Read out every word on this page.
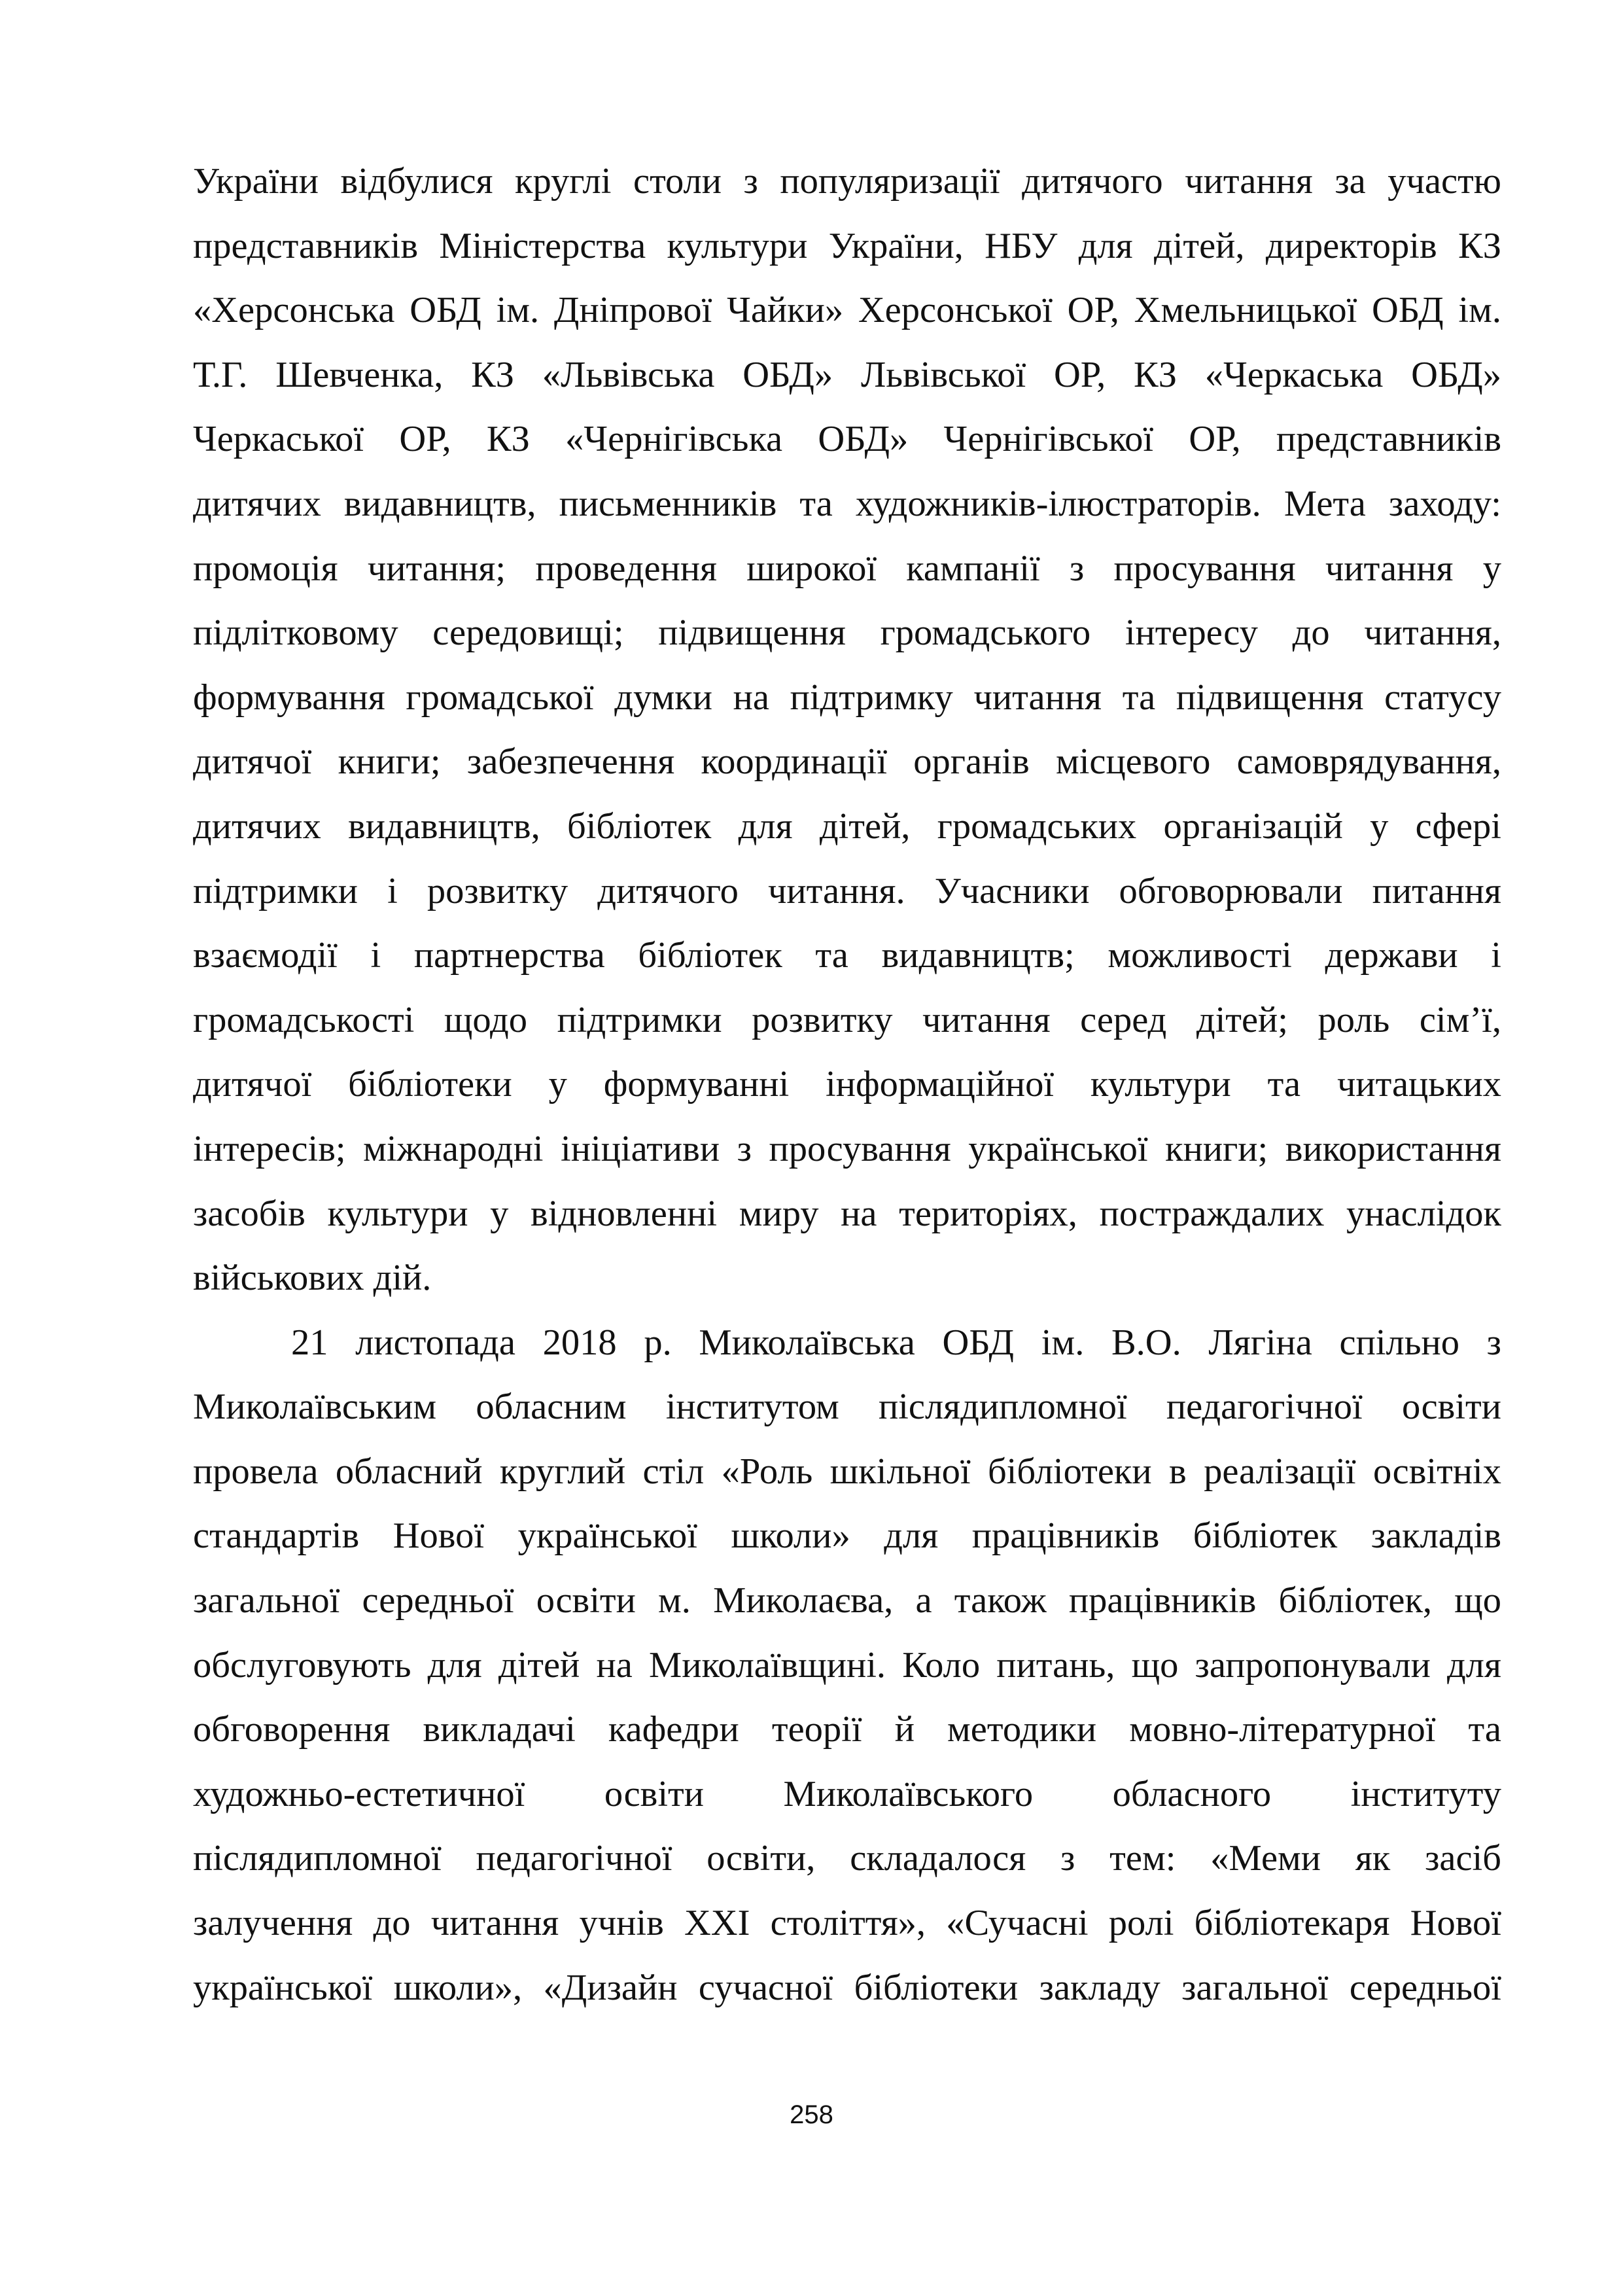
України відбулися круглі столи з популяризації дитячого читання за участю
представників Міністерства культури України, НБУ для дітей, директорів КЗ
«Херсонська ОБД ім. Дніпрової Чайки» Херсонської ОР, Хмельницької ОБД ім.
Т.Г. Шевченка, КЗ «Львівська ОБД» Львівської ОР, КЗ «Черкаська ОБД»
Черкаської ОР, КЗ «Чернігівська ОБД» Чернігівської ОР, представників
дитячих видавництв, письменників та художників-ілюстраторів. Мета заходу:
промоція читання; проведення широкої кампанії з просування читання у
підлітковому середовищі; підвищення громадського інтересу до читання,
формування громадської думки на підтримку читання та підвищення статусу
дитячої книги; забезпечення координації органів місцевого самоврядування,
дитячих видавництв, бібліотек для дітей, громадських організацій у сфері
підтримки і розвитку дитячого читання. Учасники обговорювали питання
взаємодії і партнерства бібліотек та видавництв; можливості держави і
громадськості щодо підтримки розвитку читання серед дітей; роль сім’ї,
дитячої бібліотеки у формуванні інформаційної культури та читацьких
інтересів; міжнародні ініціативи з просування української книги; використання
засобів культури у відновленні миру на територіях, постраждалих унаслідок
військових дій.
21 листопада 2018 р. Миколаївська ОБД ім. В.О. Лягіна спільно з
Миколаївським обласним інститутом післядипломної педагогічної освіти
провела обласний круглий стіл «Роль шкільної бібліотеки в реалізації освітніх
стандартів Нової української школи» для працівників бібліотек закладів
загальної середньої освіти м. Миколаєва, а також працівників бібліотек, що
обслуговують для дітей на Миколаївщині. Коло питань, що запропонували для
обговорення викладачі кафедри теорії й методики мовно-літературної та
художньо-естетичної освіти Миколаївського обласного інституту
післядипломної педагогічної освіти, складалося з тем: «Меми як засіб
залучення до читання учнів ХХІ століття», «Сучасні ролі бібліотекаря Нової
української школи», «Дизайн сучасної бібліотеки закладу загальної середньої
258
